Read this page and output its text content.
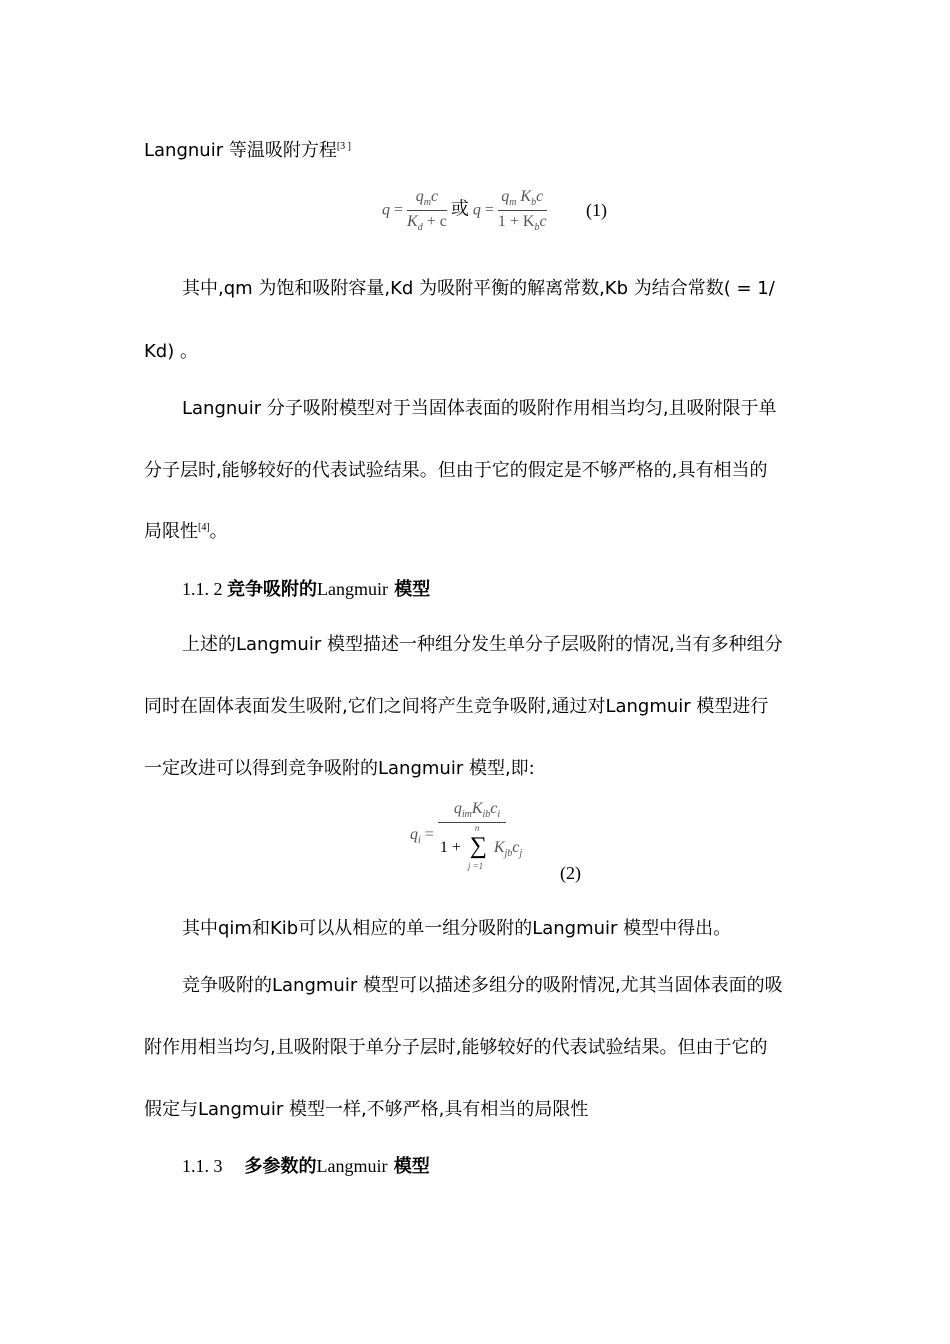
Langnuir 等温吸附方程[3 ]
$q = \frac{q_mc}{K_d + c}$ 或 $q = \frac{q_m K_bc}{1 + K_bc} (1)$
其中,qm 为饱和吸附容量,Kd 为吸附平衡的解离常数,Kb 为结合常数( = 1/
Kd) 。
Langnuir 分子吸附模型对于当固体表面的吸附作用相当均匀,且吸附限于单
分子层时,能够较好的代表试验结果。但由于它的假定是不够严格的,具有相当的
局限性[4]。
1.1. 2 竞争吸附的Langmuir 模型
上述的Langmuir 模型描述一种组分发生单分子层吸附的情况,当有多种组分
同时在固体表面发生吸附,它们之间将产生竞争吸附,通过对Langmuir 模型进行
一定改进可以得到竞争吸附的Langmuir 模型,即:
$q_i = q_{im}K_{ib}c_i$
1 + ∑
n
j =1
$K_{jb}c_j$
(2)
其中qim和Kib可以从相应的单一组分吸附的Langmuir 模型中得出。
竞争吸附的Langmuir 模型可以描述多组分的吸附情况,尤其当固体表面的吸
附作用相当均匀,且吸附限于单分子层时,能够较好的代表试验结果。但由于它的
假定与Langmuir 模型一样,不够严格,具有相当的局限性
1.1. 3 多参数的Langmuir 模型
